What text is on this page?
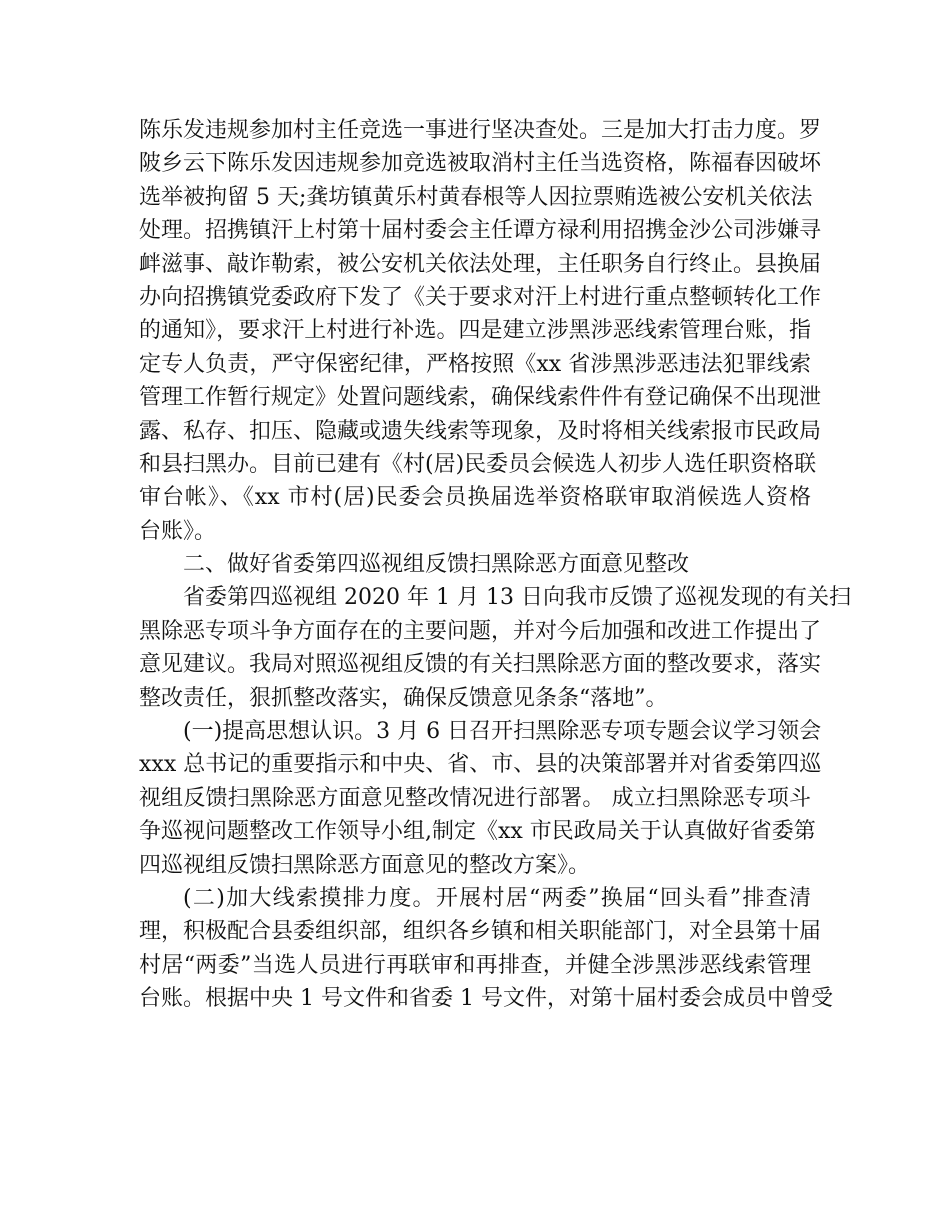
陈乐发违规参加村主任竞选一事进行坚决查处。三是加大打击力度。罗
陂乡云下陈乐发因违规参加竞选被取消村主任当选资格，陈福春因破坏
选举被拘留 5 天;龚坊镇黄乐村黄春根等人因拉票贿选被公安机关依法
处理。招携镇汗上村第十届村委会主任谭方禄利用招携金沙公司涉嫌寻
衅滋事、敲诈勒索，被公安机关依法处理，主任职务自行终止。县换届
办向招携镇党委政府下发了《关于要求对汗上村进行重点整顿转化工作
的通知》，要求汗上村进行补选。四是建立涉黑涉恶线索管理台账，指
定专人负责，严守保密纪律，严格按照《xx 省涉黑涉恶违法犯罪线索
管理工作暂行规定》处置问题线索，确保线索件件有登记确保不出现泄
露、私存、扣压、隐藏或遗失线索等现象，及时将相关线索报市民政局
和县扫黑办。目前已建有《村(居)民委员会候选人初步人选任职资格联
审台帐》、《xx 市村(居)民委会员换届选举资格联审取消候选人资格
台账》。
二、做好省委第四巡视组反馈扫黑除恶方面意见整改
省委第四巡视组 2020 年 1 月 13 日向我市反馈了巡视发现的有关扫
黑除恶专项斗争方面存在的主要问题，并对今后加强和改进工作提出了
意见建议。我局对照巡视组反馈的有关扫黑除恶方面的整改要求，落实
整改责任，狠抓整改落实，确保反馈意见条条“落地”。
(一)提高思想认识。3 月 6 日召开扫黑除恶专项专题会议学习领会
xxx 总书记的重要指示和中央、省、市、县的决策部署并对省委第四巡
视组反馈扫黑除恶方面意见整改情况进行部署。 成立扫黑除恶专项斗
争巡视问题整改工作领导小组,制定《xx 市民政局关于认真做好省委第
四巡视组反馈扫黑除恶方面意见的整改方案》。
(二)加大线索摸排力度。开展村居“两委”换届“回头看”排查清
理，积极配合县委组织部，组织各乡镇和相关职能部门，对全县第十届
村居“两委”当选人员进行再联审和再排查，并健全涉黑涉恶线索管理
台账。根据中央 1 号文件和省委 1 号文件，对第十届村委会成员中曾受
